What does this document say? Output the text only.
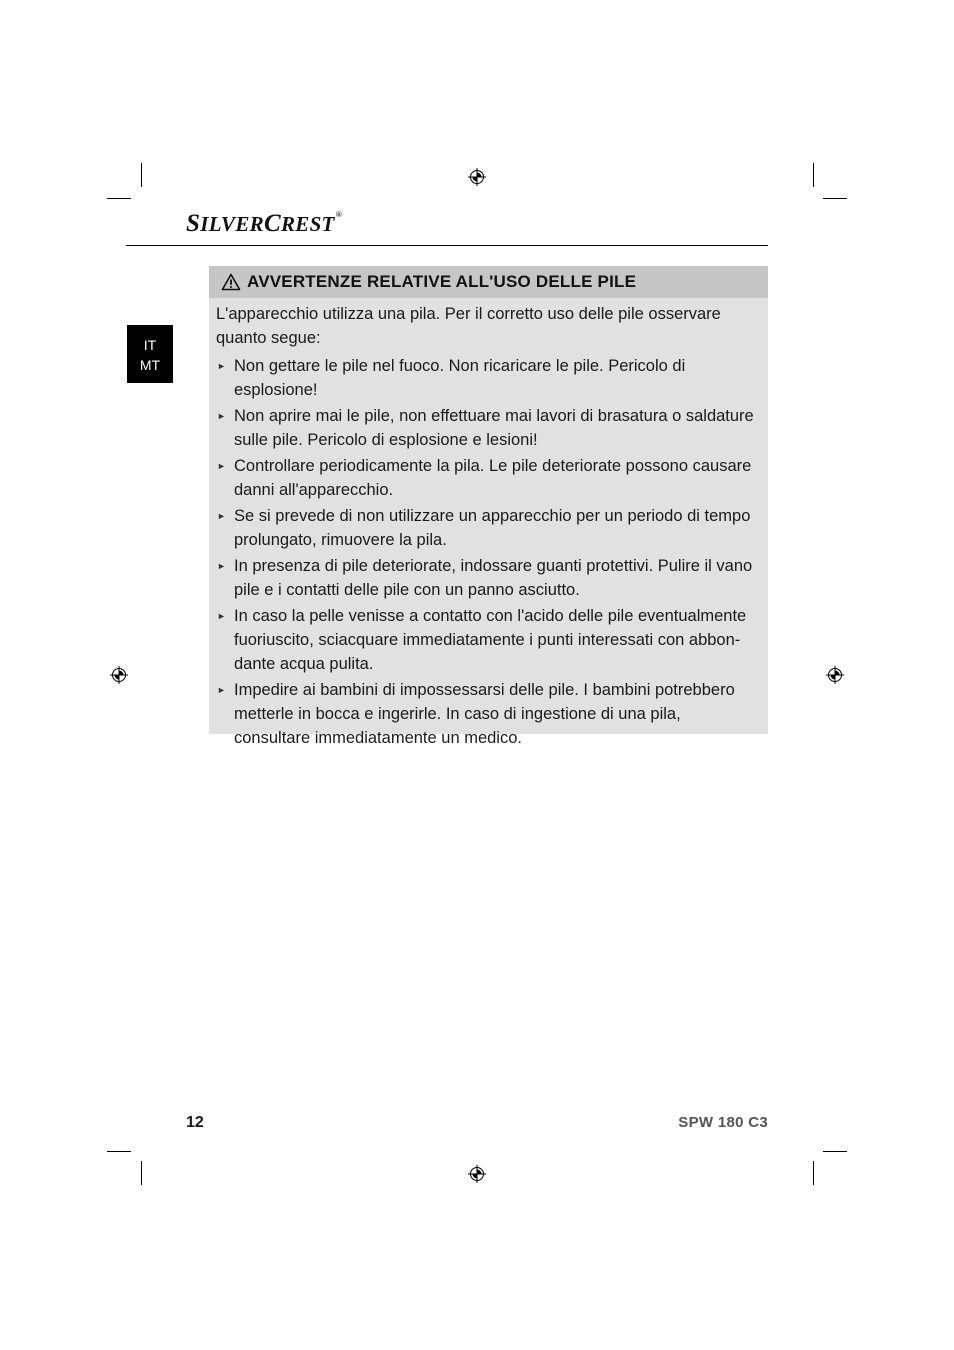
SILVERCREST®
IT
MT
AVVERTENZE RELATIVE ALL'USO DELLE PILE

L'apparecchio utilizza una pila. Per il corretto uso delle pile osservare quanto segue:

► Non gettare le pile nel fuoco. Non ricaricare le pile. Pericolo di esplosione!
► Non aprire mai le pile, non effettuare mai lavori di brasatura o saldature sulle pile. Pericolo di esplosione e lesioni!
► Controllare periodicamente la pila. Le pile deteriorate possono causare danni all'apparecchio.
► Se si prevede di non utilizzare un apparecchio per un periodo di tempo prolungato, rimuovere la pila.
► In presenza di pile deteriorate, indossare guanti protettivi. Pulire il vano pile e i contatti delle pile con un panno asciutto.
► In caso la pelle venisse a contatto con l'acido delle pile eventualmente fuoriuscito, sciacquare immediatamente i punti interessati con abbon-dante acqua pulita.
► Impedire ai bambini di impossessarsi delle pile. I bambini potrebbero metterle in bocca e ingerirle. In caso di ingestione di una pila, consultare immediatamente un medico.
12	SPW 180 C3
